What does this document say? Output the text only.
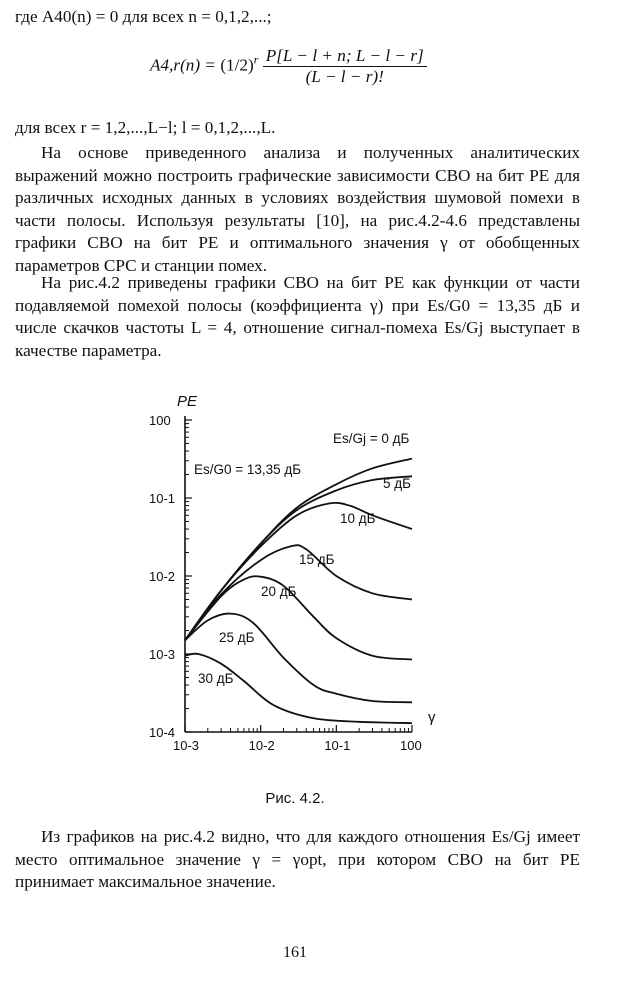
где A40(n) = 0 для всех n = 0,1,2,...;
$A4,r(n) = (1/2)^r \frac{P[L - l + n; L - l - r]}{(L - l - r)!}$
для всех r = 1,2,...,L−l; l = 0,1,2,...,L.
На основе приведенного анализа и полученных аналитических выражений можно построить графические зависимости СВО на бит PE для различных исходных данных в условиях воздействия шумовой помехи в части полосы. Используя результаты [10], на рис.4.2-4.6 представлены графики СВО на бит PE и оптимального значения γ от обобщенных параметров СРС и станции помех.
На рис.4.2 приведены графики СВО на бит PE как функции от части подавляемой помехой полосы (коэффициента γ) при Es/G0 = 13,35 дБ и числе скачков частоты L = 4, отношение сигнал-помеха Es/Gj выступает в качестве параметра.
10-4
10-3
10-2
10-1
100
10-3	10-2	10-1	100
PE
γ
Es/Gj = 0 дБ
5 дБ
10 дБ
15 дБ
20 дБ
25 дБ
30 дБ
Es/G0 = 13,35 дБ
Рис. 4.2.
Из графиков на рис.4.2 видно, что для каждого отношения Es/Gj имеет место оптимальное значение γ = γopt, при котором СВО на бит PE принимает максимальное значение.
161
